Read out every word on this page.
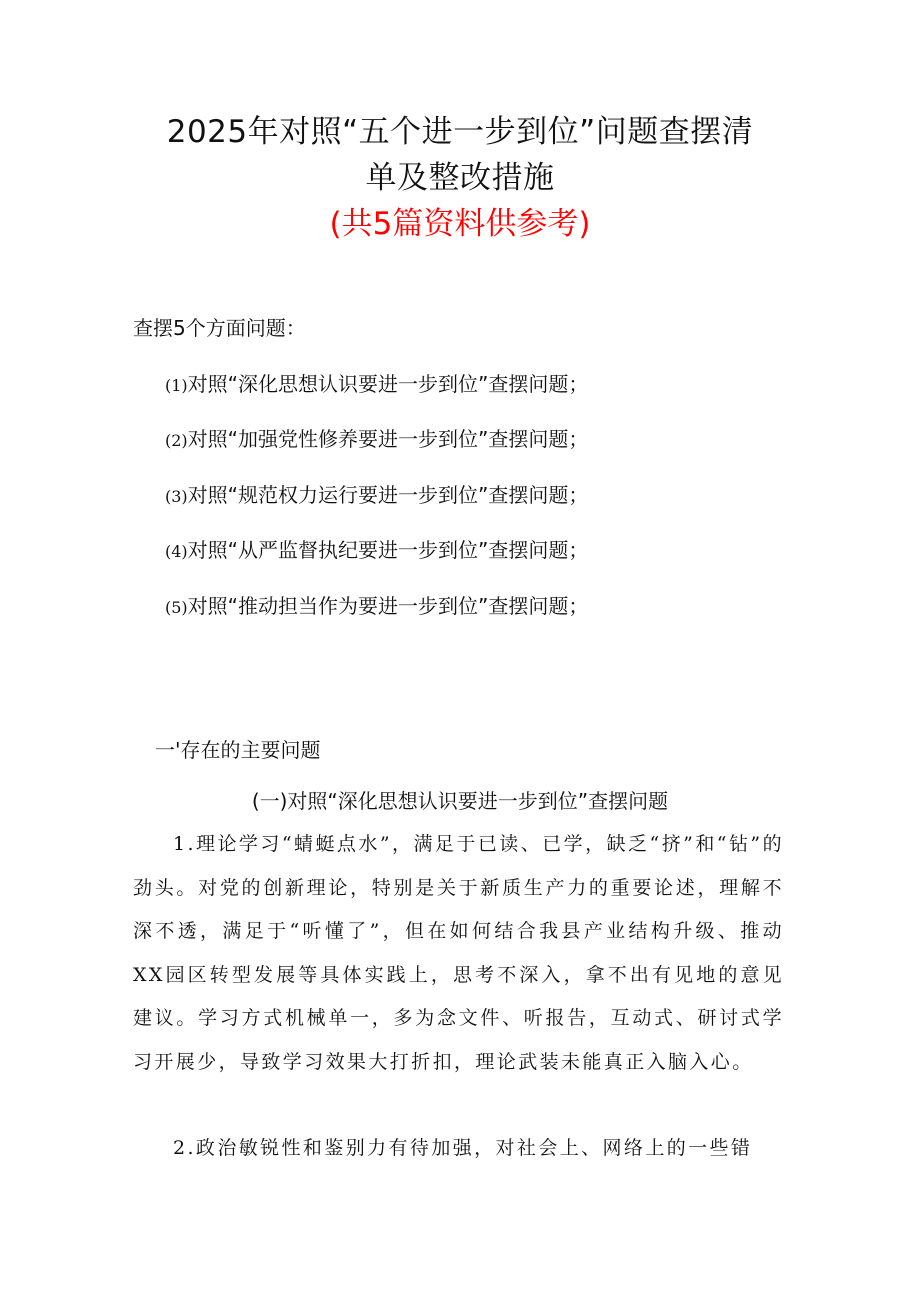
2025年对照“五个进一步到位”问题查摆清
单及整改措施
(共5篇资料供参考)
查摆5个方面问题：
(1)对照“深化思想认识要进一步到位”查摆问题；
(2)对照“加强党性修养要进一步到位”查摆问题；
(3)对照“规范权力运行要进一步到位”查摆问题；
(4)对照“从严监督执纪要进一步到位”查摆问题；
(5)对照“推动担当作为要进一步到位”查摆问题；
一'存在的主要问题
(一)对照“深化思想认识要进一步到位”查摆问题

1.理论学习“蜻蜓点水”，满足于已读、已学，缺乏“挤”和“钻”的劲头。对党的创新理论，特别是关于新质生产力的重要论述，理解不深不透，满足于“听懂了”，但在如何结合我县产业结构升级、推动XX园区转型发展等具体实践上，思考不深入，拿不出有见地的意见建议。学习方式机械单一，多为念文件、听报告，互动式、研讨式学习开展少，导致学习效果大打折扣，理论武装未能真正入脑入心。

2.政治敏锐性和鉴别力有待加强，对社会上、网络上的一些错
